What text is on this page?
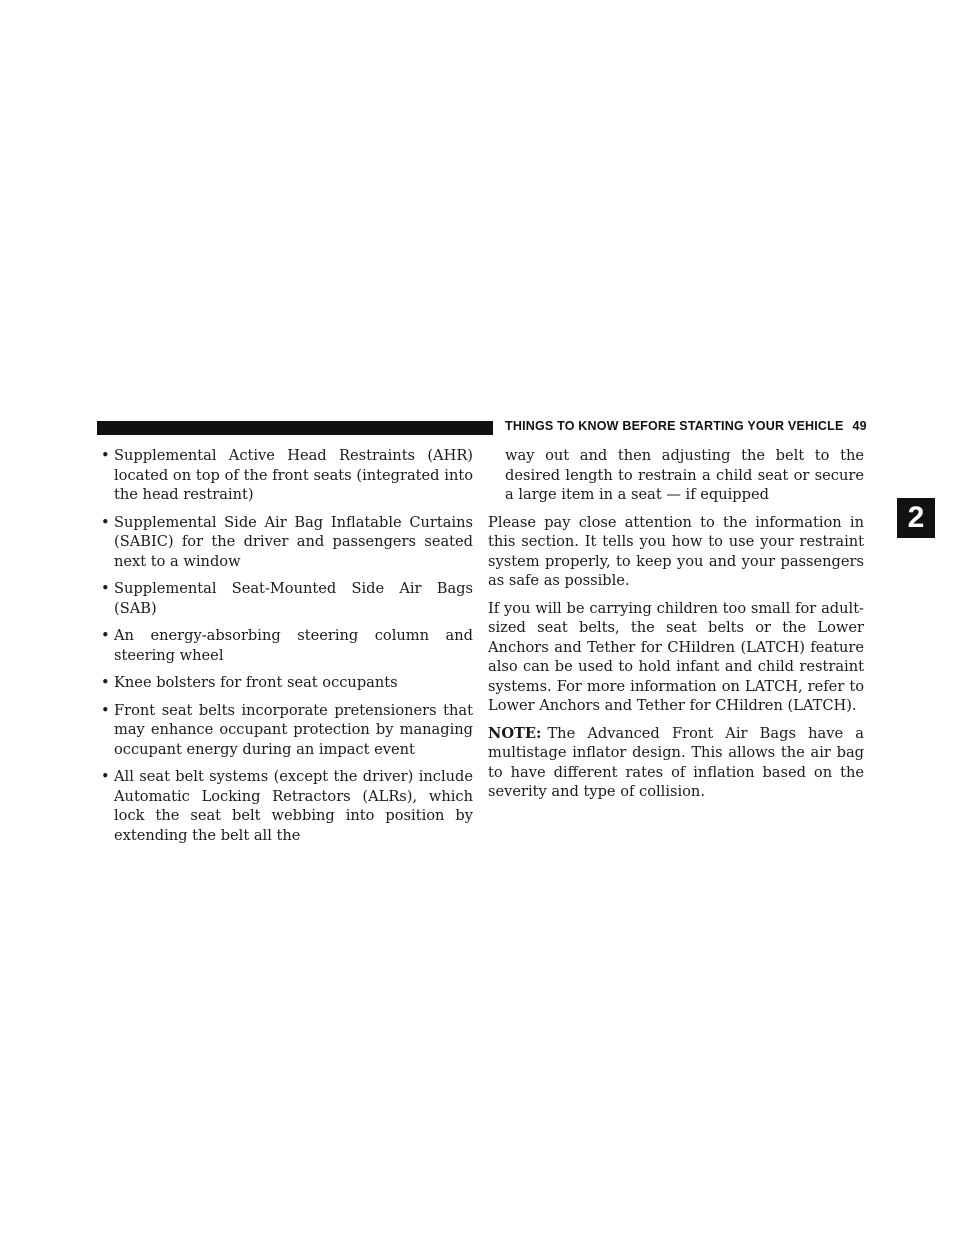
THINGS TO KNOW BEFORE STARTING YOUR VEHICLE 49
2
• Supplemental Active Head Restraints (AHR) located on top of the front seats (integrated into the head restraint)
• Supplemental Side Air Bag Inflatable Curtains (SABIC) for the driver and passengers seated next to a window
• Supplemental Seat-Mounted Side Air Bags (SAB)
• An energy-absorbing steering column and steering wheel
• Knee bolsters for front seat occupants
• Front seat belts incorporate pretensioners that may enhance occupant protection by managing occupant energy during an impact event
• All seat belt systems (except the driver) include Automatic Locking Retractors (ALRs), which lock the seat belt webbing into position by extending the belt all the

way out and then adjusting the belt to the desired length to restrain a child seat or secure a large item in a seat — if equipped

Please pay close attention to the information in this section. It tells you how to use your restraint system properly, to keep you and your passengers as safe as possible.

If you will be carrying children too small for adult-sized seat belts, the seat belts or the Lower Anchors and Tether for CHildren (LATCH) feature also can be used to hold infant and child restraint systems. For more information on LATCH, refer to Lower Anchors and Tether for CHildren (LATCH).

NOTE: The Advanced Front Air Bags have a multistage inflator design. This allows the air bag to have different rates of inflation based on the severity and type of collision.
